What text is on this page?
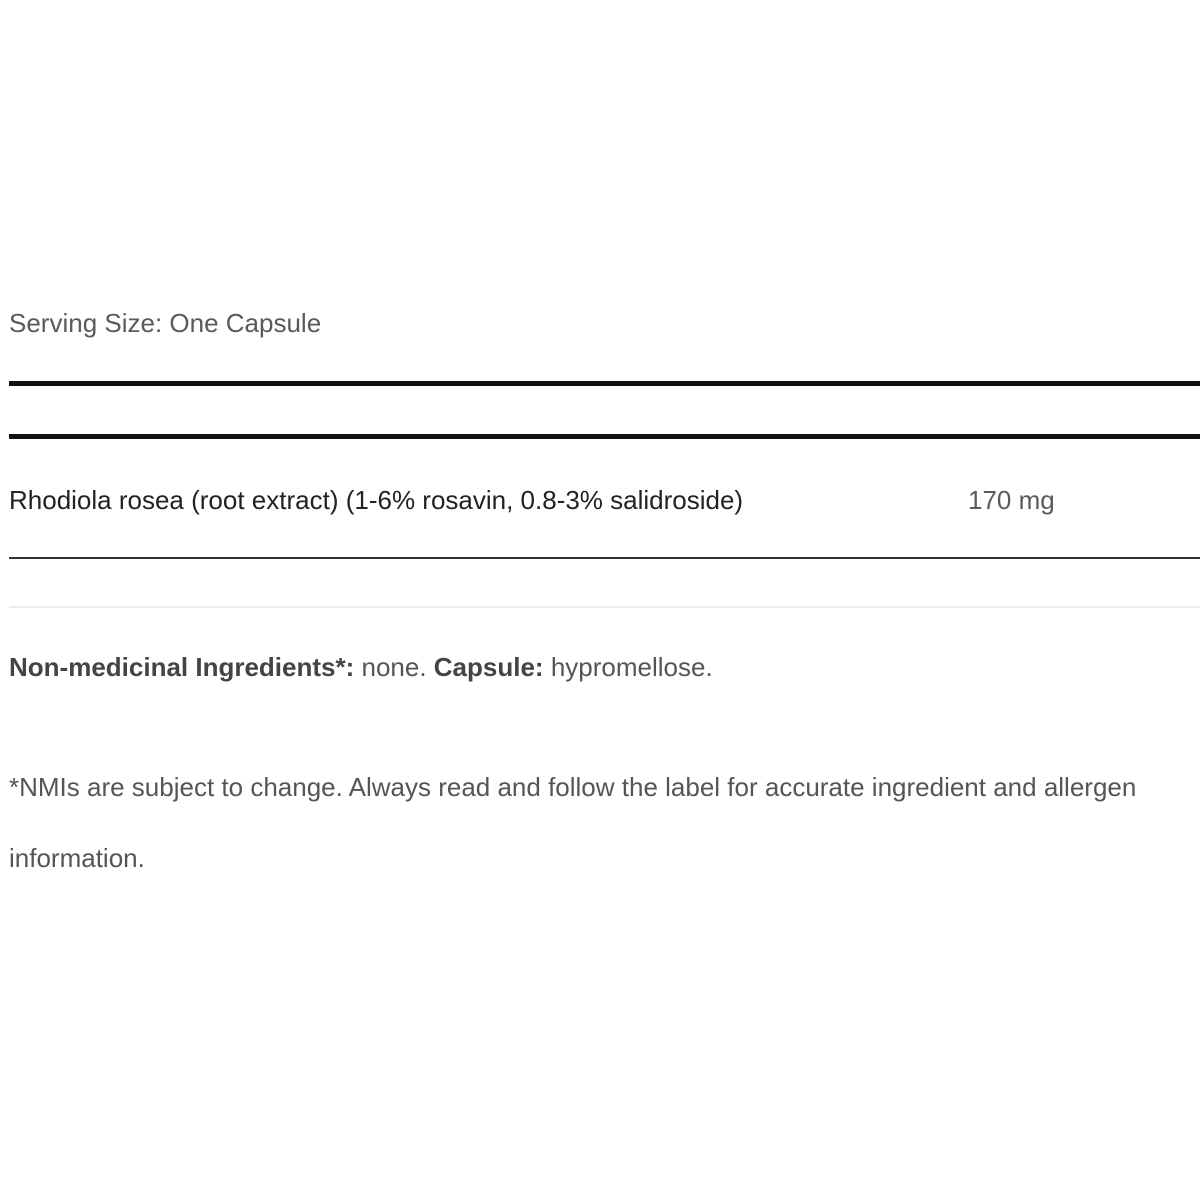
Serving Size: One Capsule
Rhodiola rosea (root extract) (1-6% rosavin, 0.8-3% salidroside)	170 mg
Non-medicinal Ingredients*: none. Capsule: hypromellose.
*NMIs are subject to change. Always read and follow the label for accurate ingredient and allergen
information.
